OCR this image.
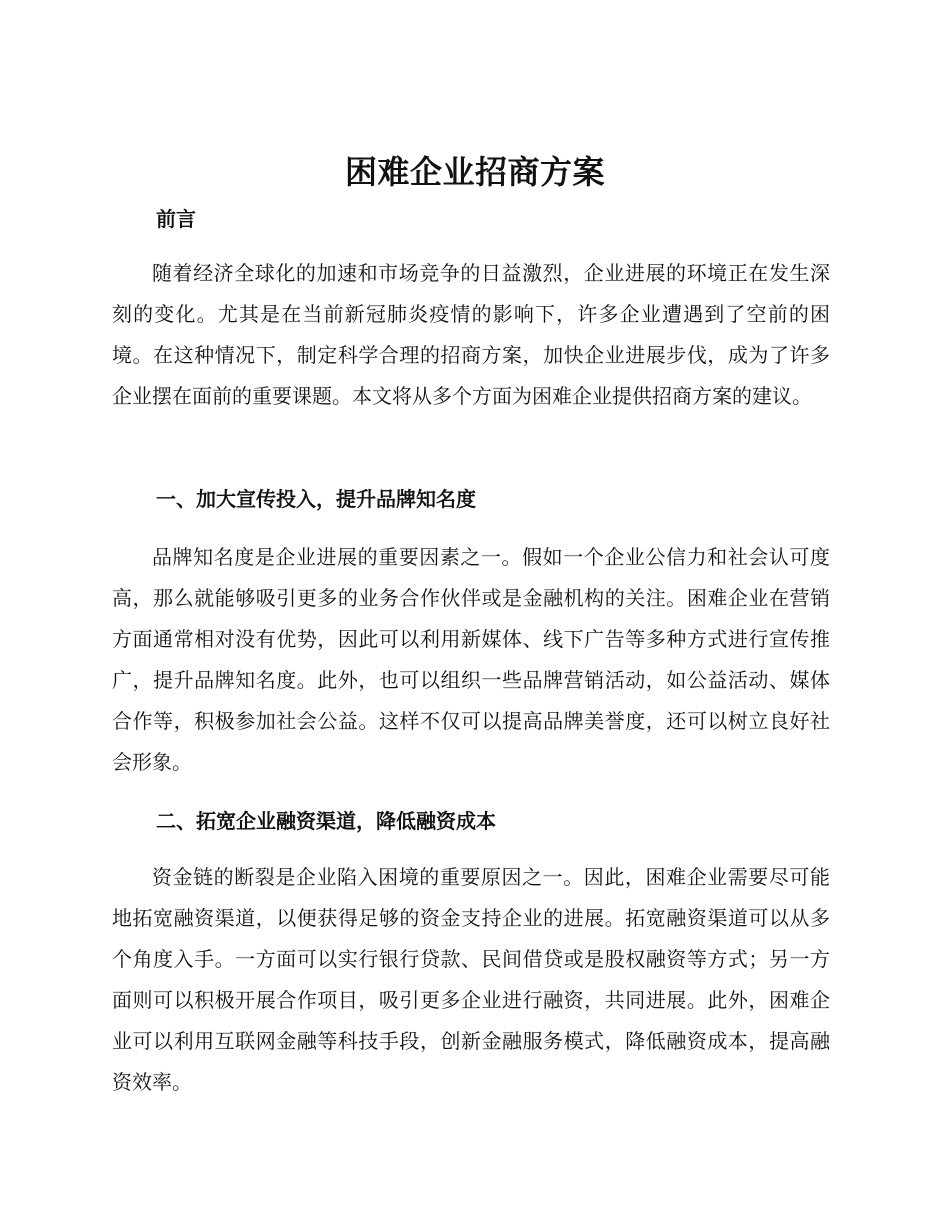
困难企业招商方案
前言

随着经济全球化的加速和市场竞争的日益激烈，企业进展的环境正在发生深刻的变化。尤其是在当前新冠肺炎疫情的影响下，许多企业遭遇到了空前的困境。在这种情况下，制定科学合理的招商方案，加快企业进展步伐，成为了许多企业摆在面前的重要课题。本文将从多个方面为困难企业提供招商方案的建议。

一、加大宣传投入，提升品牌知名度

品牌知名度是企业进展的重要因素之一。假如一个企业公信力和社会认可度高，那么就能够吸引更多的业务合作伙伴或是金融机构的关注。困难企业在营销方面通常相对没有优势，因此可以利用新媒体、线下广告等多种方式进行宣传推广，提升品牌知名度。此外，也可以组织一些品牌营销活动，如公益活动、媒体合作等，积极参加社会公益。这样不仅可以提高品牌美誉度，还可以树立良好社会形象。

二、拓宽企业融资渠道，降低融资成本

资金链的断裂是企业陷入困境的重要原因之一。因此，困难企业需要尽可能地拓宽融资渠道，以便获得足够的资金支持企业的进展。拓宽融资渠道可以从多个角度入手。一方面可以实行银行贷款、民间借贷或是股权融资等方式；另一方面则可以积极开展合作项目，吸引更多企业进行融资，共同进展。此外，困难企业可以利用互联网金融等科技手段，创新金融服务模式，降低融资成本，提高融资效率。
